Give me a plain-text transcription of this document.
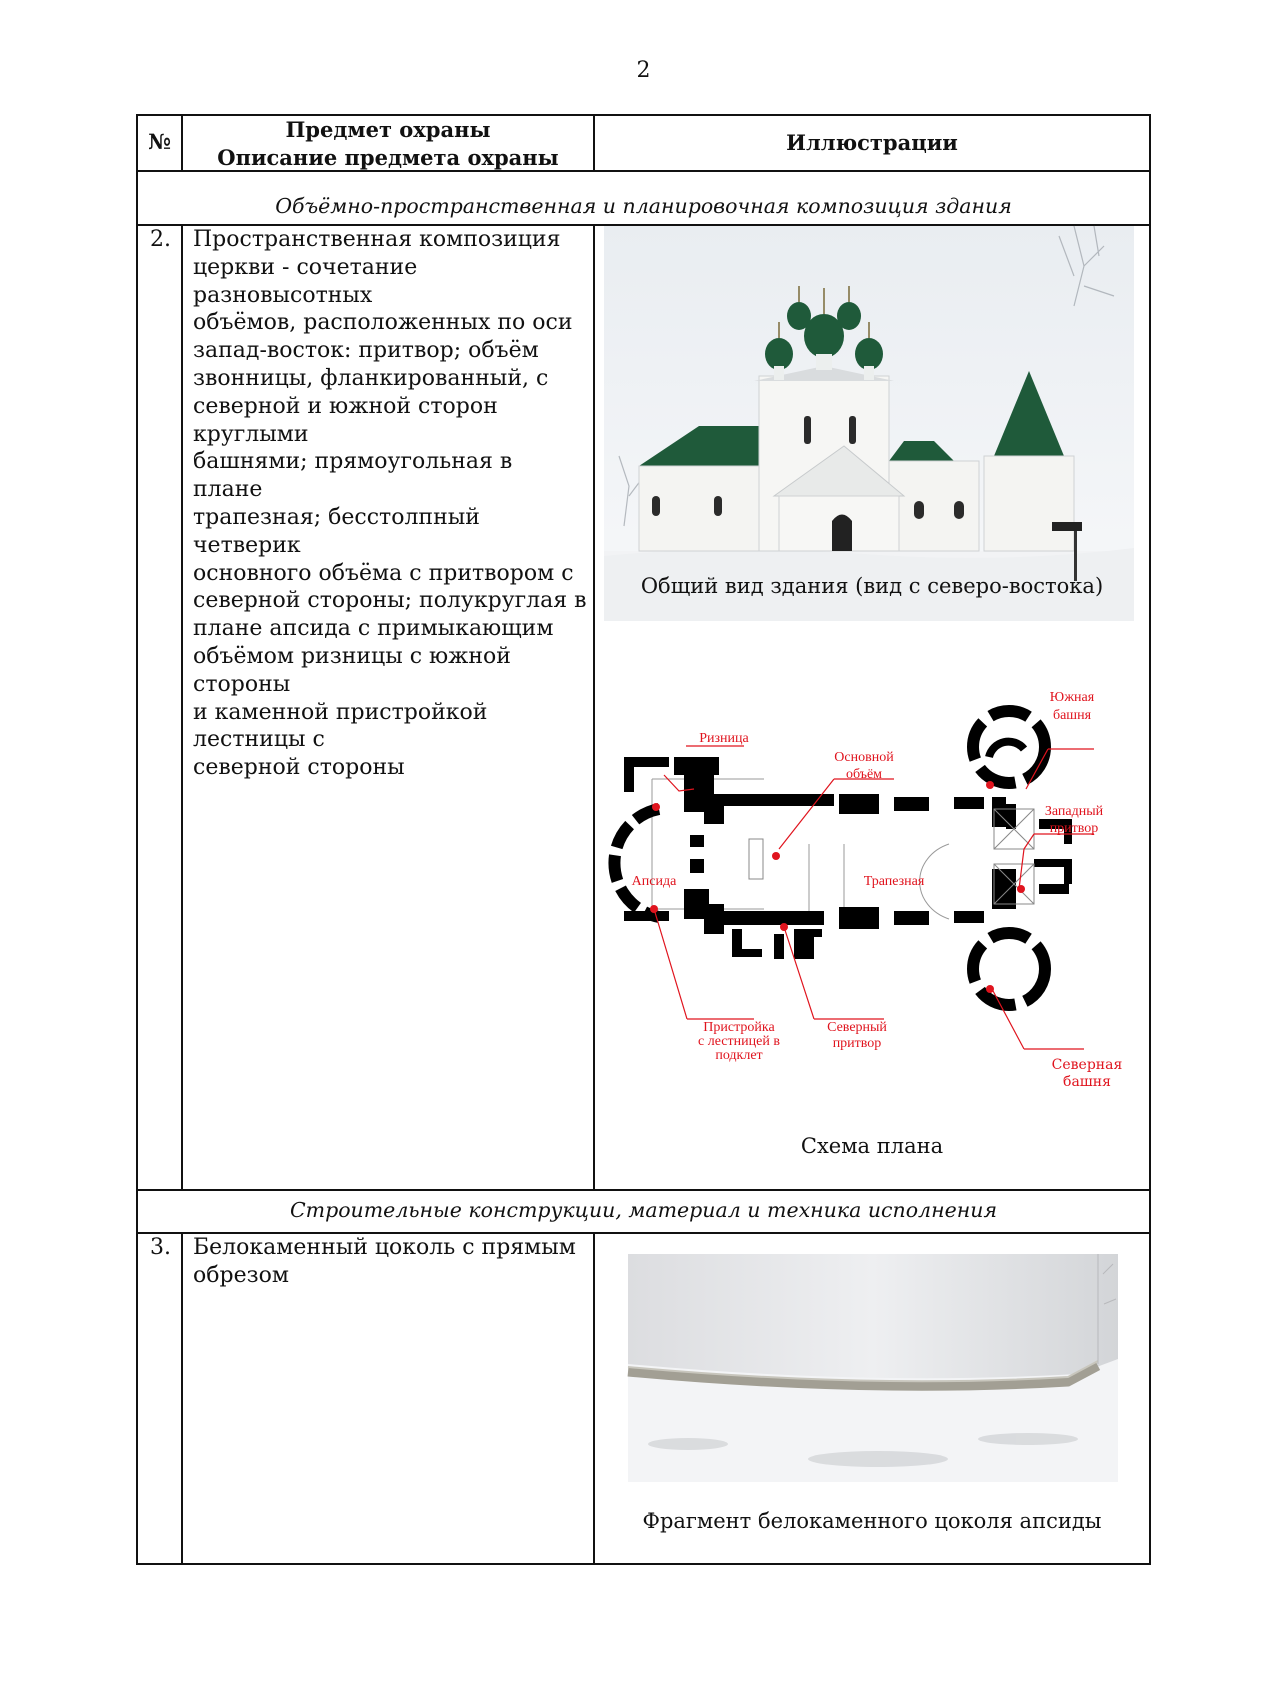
2
№	Предмет охраны
Описание предмета охраны
Иллюстрации
Объёмно-пространственная и планировочная композиция здания
2. Пространственная композиция
церкви - сочетание разновысотных
объёмов, расположенных по оси
запад-восток: притвор; объём
звонницы, фланкированный, с
северной и южной сторон круглыми
башнями; прямоугольная в плане
трапезная; бесстолпный четверик
основного объёма с притвором с
северной стороны; полукруглая в
плане апсида с примыкающим
объёмом ризницы с южной стороны
и каменной пристройкой лестницы с
северной стороны
Общий вид здания (вид с северо-востока)
Ризница
Основной
объём
Южная
башня
Западный
притвор
Апсида	Трапезная
Пристройка
с лестницей в
подклет
Северный
притвор
Северная
башня
Схема плана
Строительные конструкции, материал и техника исполнения
3. Белокаменный цоколь с прямым
обрезом
Фрагмент белокаменного цоколя апсиды
